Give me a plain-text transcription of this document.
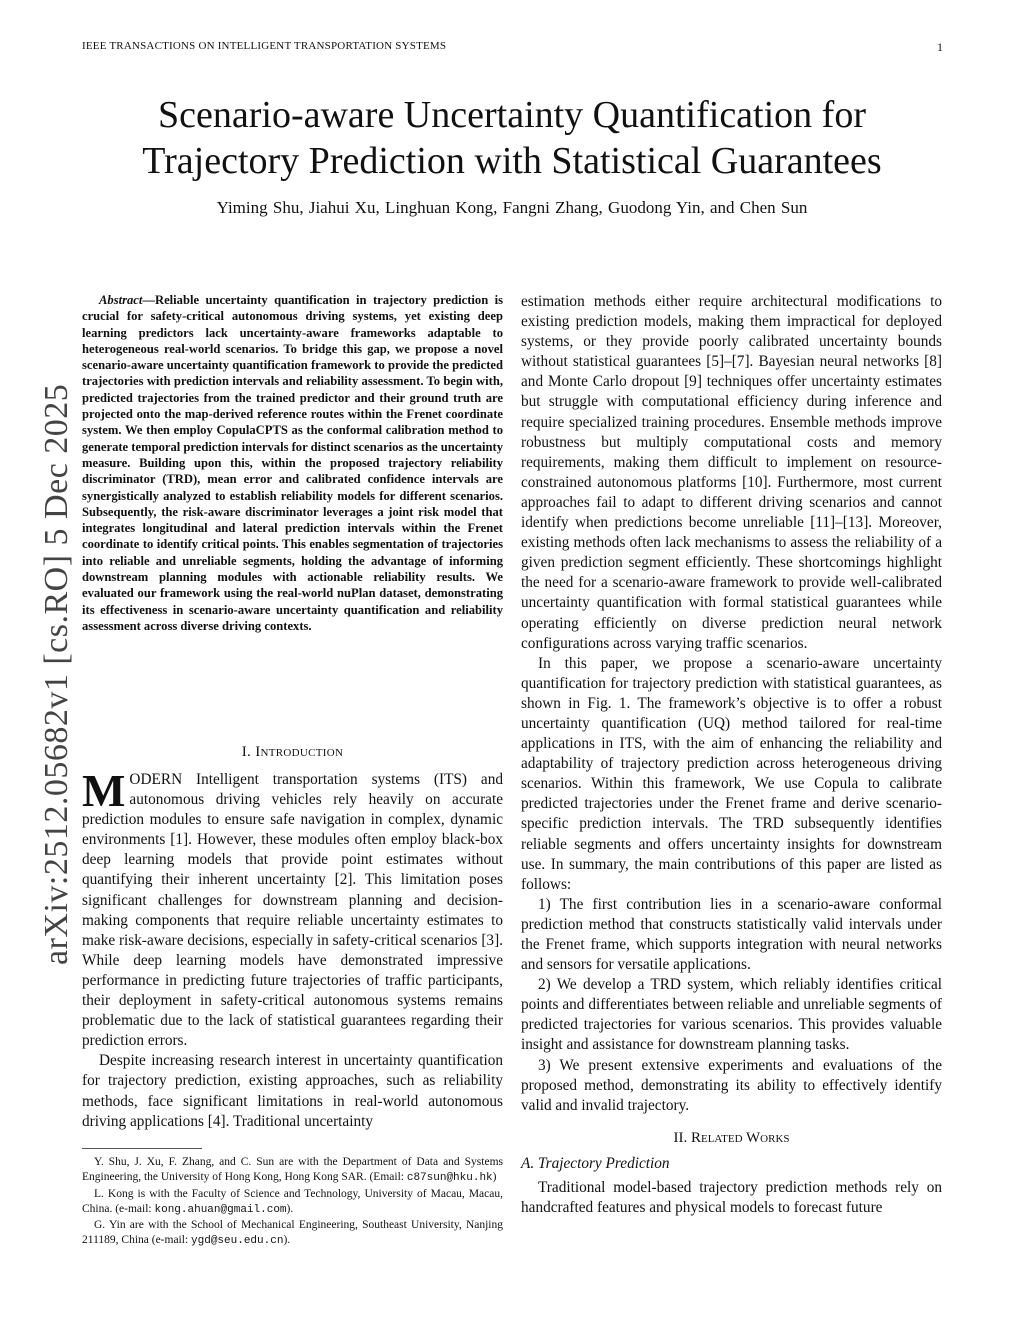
IEEE TRANSACTIONS ON INTELLIGENT TRANSPORTATION SYSTEMS	1
Scenario-aware Uncertainty Quantification for
Trajectory Prediction with Statistical Guarantees
Yiming Shu, Jiahui Xu, Linghuan Kong, Fangni Zhang, Guodong Yin, and Chen Sun
arXiv:2512.05682v1 [cs.RO] 5 Dec 2025
Abstract—Reliable uncertainty quantification in trajectory prediction is crucial for safety-critical autonomous driving systems, yet existing deep learning predictors lack uncertainty-aware frameworks adaptable to heterogeneous real-world scenarios. To bridge this gap, we propose a novel scenario-aware uncertainty quantification framework to provide the predicted trajectories with prediction intervals and reliability assessment. To begin with, predicted trajectories from the trained predictor and their ground truth are projected onto the map-derived reference routes within the Frenet coordinate system. We then employ CopulaCPTS as the conformal calibration method to generate temporal prediction intervals for distinct scenarios as the uncertainty measure. Building upon this, within the proposed trajectory reliability discriminator (TRD), mean error and calibrated confidence intervals are synergistically analyzed to establish reliability models for different scenarios. Subsequently, the risk-aware discriminator leverages a joint risk model that integrates longitudinal and lateral prediction intervals within the Frenet coordinate to identify critical points. This enables segmentation of trajectories into reliable and unreliable segments, holding the advantage of informing downstream planning modules with actionable reliability results. We evaluated our framework using the real-world nuPlan dataset, demonstrating its effectiveness in scenario-aware uncertainty quantification and reliability assessment across diverse driving contexts.
I. Introduction

MODERN Intelligent transportation systems (ITS) and autonomous driving vehicles rely heavily on accurate prediction modules to ensure safe navigation in complex, dynamic environments [1]. However, these modules often employ black-box deep learning models that provide point estimates without quantifying their inherent uncertainty [2]. This limitation poses significant challenges for downstream planning and decision-making components that require reliable uncertainty estimates to make risk-aware decisions, especially in safety-critical scenarios [3]. While deep learning models have demonstrated impressive performance in predicting future trajectories of traffic participants, their deployment in safety-critical autonomous systems remains problematic due to the lack of statistical guarantees regarding their prediction errors.

Despite increasing research interest in uncertainty quantification for trajectory prediction, existing approaches, such as reliability methods, face significant limitations in real-world autonomous driving applications [4]. Traditional uncertainty

Y. Shu, J. Xu, F. Zhang, and C. Sun are with the Department of Data and Systems Engineering, the University of Hong Kong, Hong Kong SAR. (Email: c87sun@hku.hk)

L. Kong is with the Faculty of Science and Technology, University of Macau, Macau, China. (e-mail: kong.ahuan@gmail.com).

G. Yin are with the School of Mechanical Engineering, Southeast University, Nanjing 211189, China (e-mail: ygd@seu.edu.cn).

estimation methods either require architectural modifications to existing prediction models, making them impractical for deployed systems, or they provide poorly calibrated uncertainty bounds without statistical guarantees [5]–[7]. Bayesian neural networks [8] and Monte Carlo dropout [9] techniques offer uncertainty estimates but struggle with computational efficiency during inference and require specialized training procedures. Ensemble methods improve robustness but multiply computational costs and memory requirements, making them difficult to implement on resource-constrained autonomous platforms [10]. Furthermore, most current approaches fail to adapt to different driving scenarios and cannot identify when predictions become unreliable [11]–[13]. Moreover, existing methods often lack mechanisms to assess the reliability of a given prediction segment efficiently. These shortcomings highlight the need for a scenario-aware framework to provide well-calibrated uncertainty quantification with formal statistical guarantees while operating efficiently on diverse prediction neural network configurations across varying traffic scenarios.

In this paper, we propose a scenario-aware uncertainty quantification for trajectory prediction with statistical guarantees, as shown in Fig. 1. The framework’s objective is to offer a robust uncertainty quantification (UQ) method tailored for real-time applications in ITS, with the aim of enhancing the reliability and adaptability of trajectory prediction across heterogeneous driving scenarios. Within this framework, We use Copula to calibrate predicted trajectories under the Frenet frame and derive scenario-specific prediction intervals. The TRD subsequently identifies reliable segments and offers uncertainty insights for downstream use. In summary, the main contributions of this paper are listed as follows:

1) The first contribution lies in a scenario-aware conformal prediction method that constructs statistically valid intervals under the Frenet frame, which supports integration with neural networks and sensors for versatile applications.

2) We develop a TRD system, which reliably identifies critical points and differentiates between reliable and unreliable segments of predicted trajectories for various scenarios. This provides valuable insight and assistance for downstream planning tasks.

3) We present extensive experiments and evaluations of the proposed method, demonstrating its ability to effectively identify valid and invalid trajectory.

II. Related Works

A. Trajectory Prediction

Traditional model-based trajectory prediction methods rely on handcrafted features and physical models to forecast future
